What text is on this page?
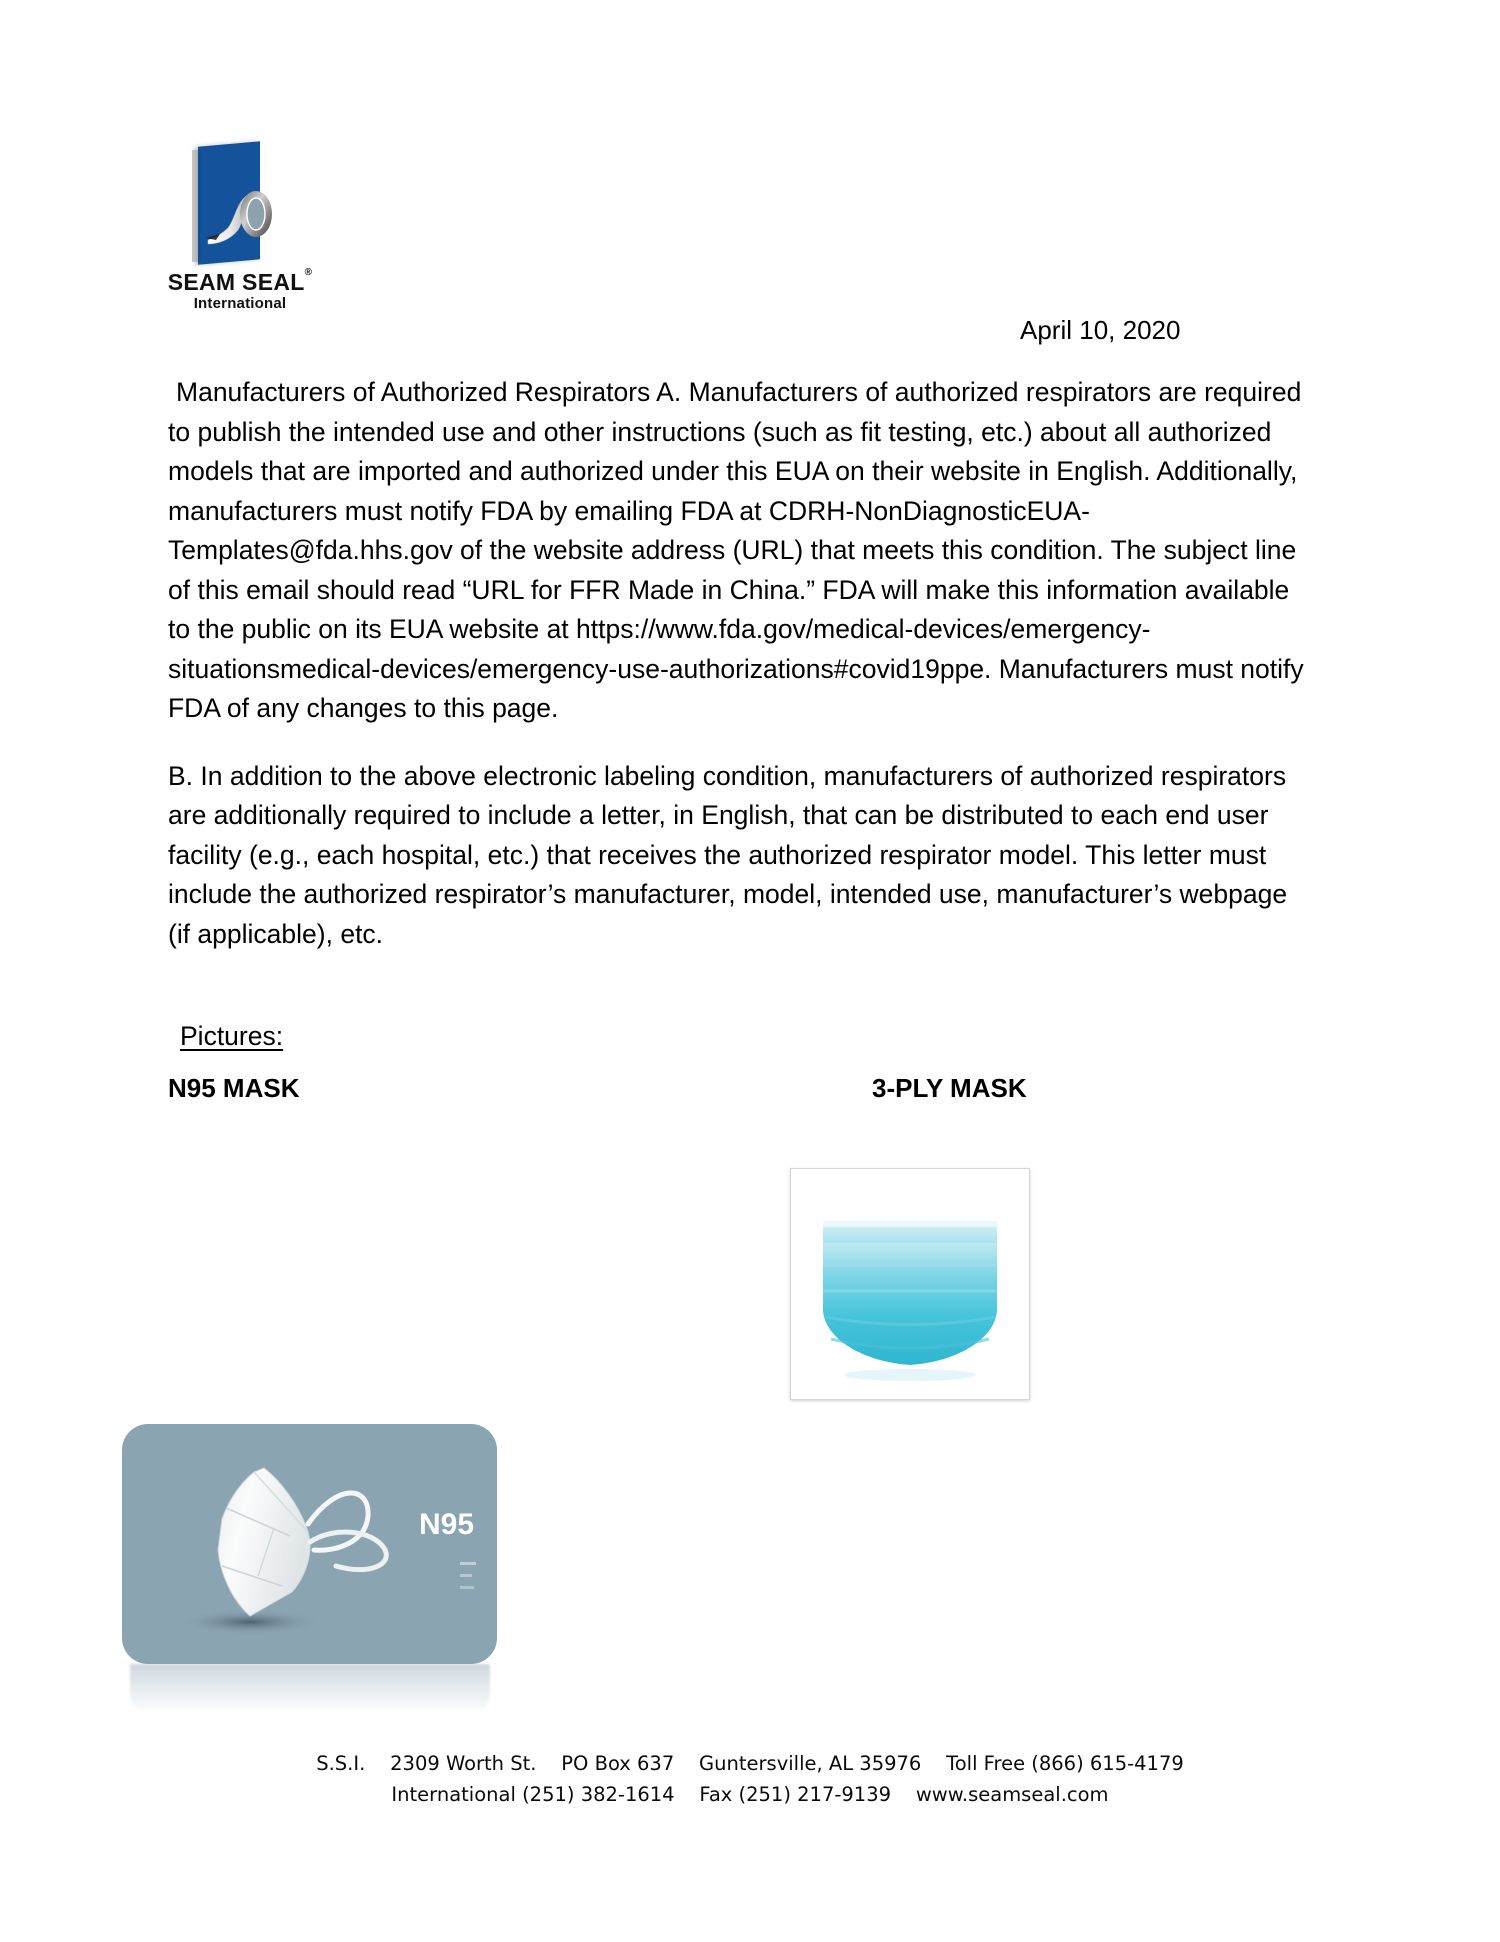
SEAM SEAL®
International
April 10, 2020

Manufacturers of Authorized Respirators A. Manufacturers of authorized respirators are required to publish the intended use and other instructions (such as fit testing, etc.) about all authorized models that are imported and authorized under this EUA on their website in English. Additionally, manufacturers must notify FDA by emailing FDA at CDRH-NonDiagnosticEUA-Templates@fda.hhs.gov of the website address (URL) that meets this condition. The subject line of this email should read “URL for FFR Made in China.” FDA will make this information available to the public on its EUA website at https://www.fda.gov/medical-devices/emergency-situationsmedical-devices/emergency-use-authorizations#covid19ppe. Manufacturers must notify FDA of any changes to this page.

B. In addition to the above electronic labeling condition, manufacturers of authorized respirators are additionally required to include a letter, in English, that can be distributed to each end user facility (e.g., each hospital, etc.) that receives the authorized respirator model. This letter must include the authorized respirator’s manufacturer, model, intended use, manufacturer’s webpage (if applicable), etc.

Pictures:
N95 MASK	3-PLY MASK
N95
S.S.I. 2309 Worth St. PO Box 637 Guntersville, AL 35976 Toll Free (866) 615-4179
International (251) 382-1614 Fax (251) 217-9139 www.seamseal.com
